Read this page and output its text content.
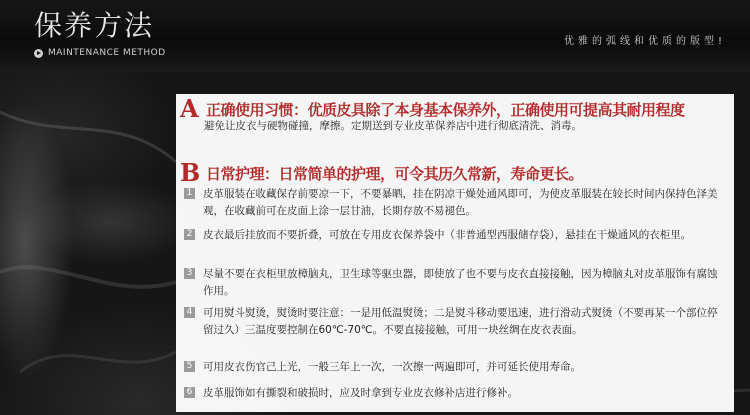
保养方法
MAINTENANCE METHOD
优雅的弧线和优质的版型!
A 正确使用习惯：优质皮具除了本身基本保养外，正确使用可提高其耐用程度
避免让皮衣与硬物碰撞，摩擦。定期送到专业皮革保养店中进行彻底清洗、消毒。
B 日常护理：日常简单的护理，可令其历久常新，寿命更长。
1 皮革服装在收藏保存前要凉一下，不要暴晒，挂在阴凉干燥处通风即可，为使皮革服装在较长时间内保持色泽美观，在收藏前可在皮面上涂一层甘油，长期存放不易褪色。
2 皮衣最后挂放而不要折叠，可放在专用皮衣保养袋中（非普通型西服储存袋），悬挂在干燥通风的衣柜里。
3 尽量不要在衣柜里放樟脑丸，卫生球等驱虫器，即使放了也不要与皮衣直接接触，因为樟脑丸对皮革服饰有腐蚀作用。
4 可用熨斗熨烫，熨烫时要注意：一是用低温熨烫；二是熨斗移动要迅速，进行滑动式熨烫（不要再某一个部位停留过久）三温度要控制在60℃-70℃。不要直接接触，可用一块丝绸在皮衣表面。
5 可用皮衣伤官己上光，一般三年上一次，一次擦一两遍即可，并可延长使用寿命。
6 皮革服饰如有撕裂和破损时，应及时拿到专业皮衣修补店进行修补。
